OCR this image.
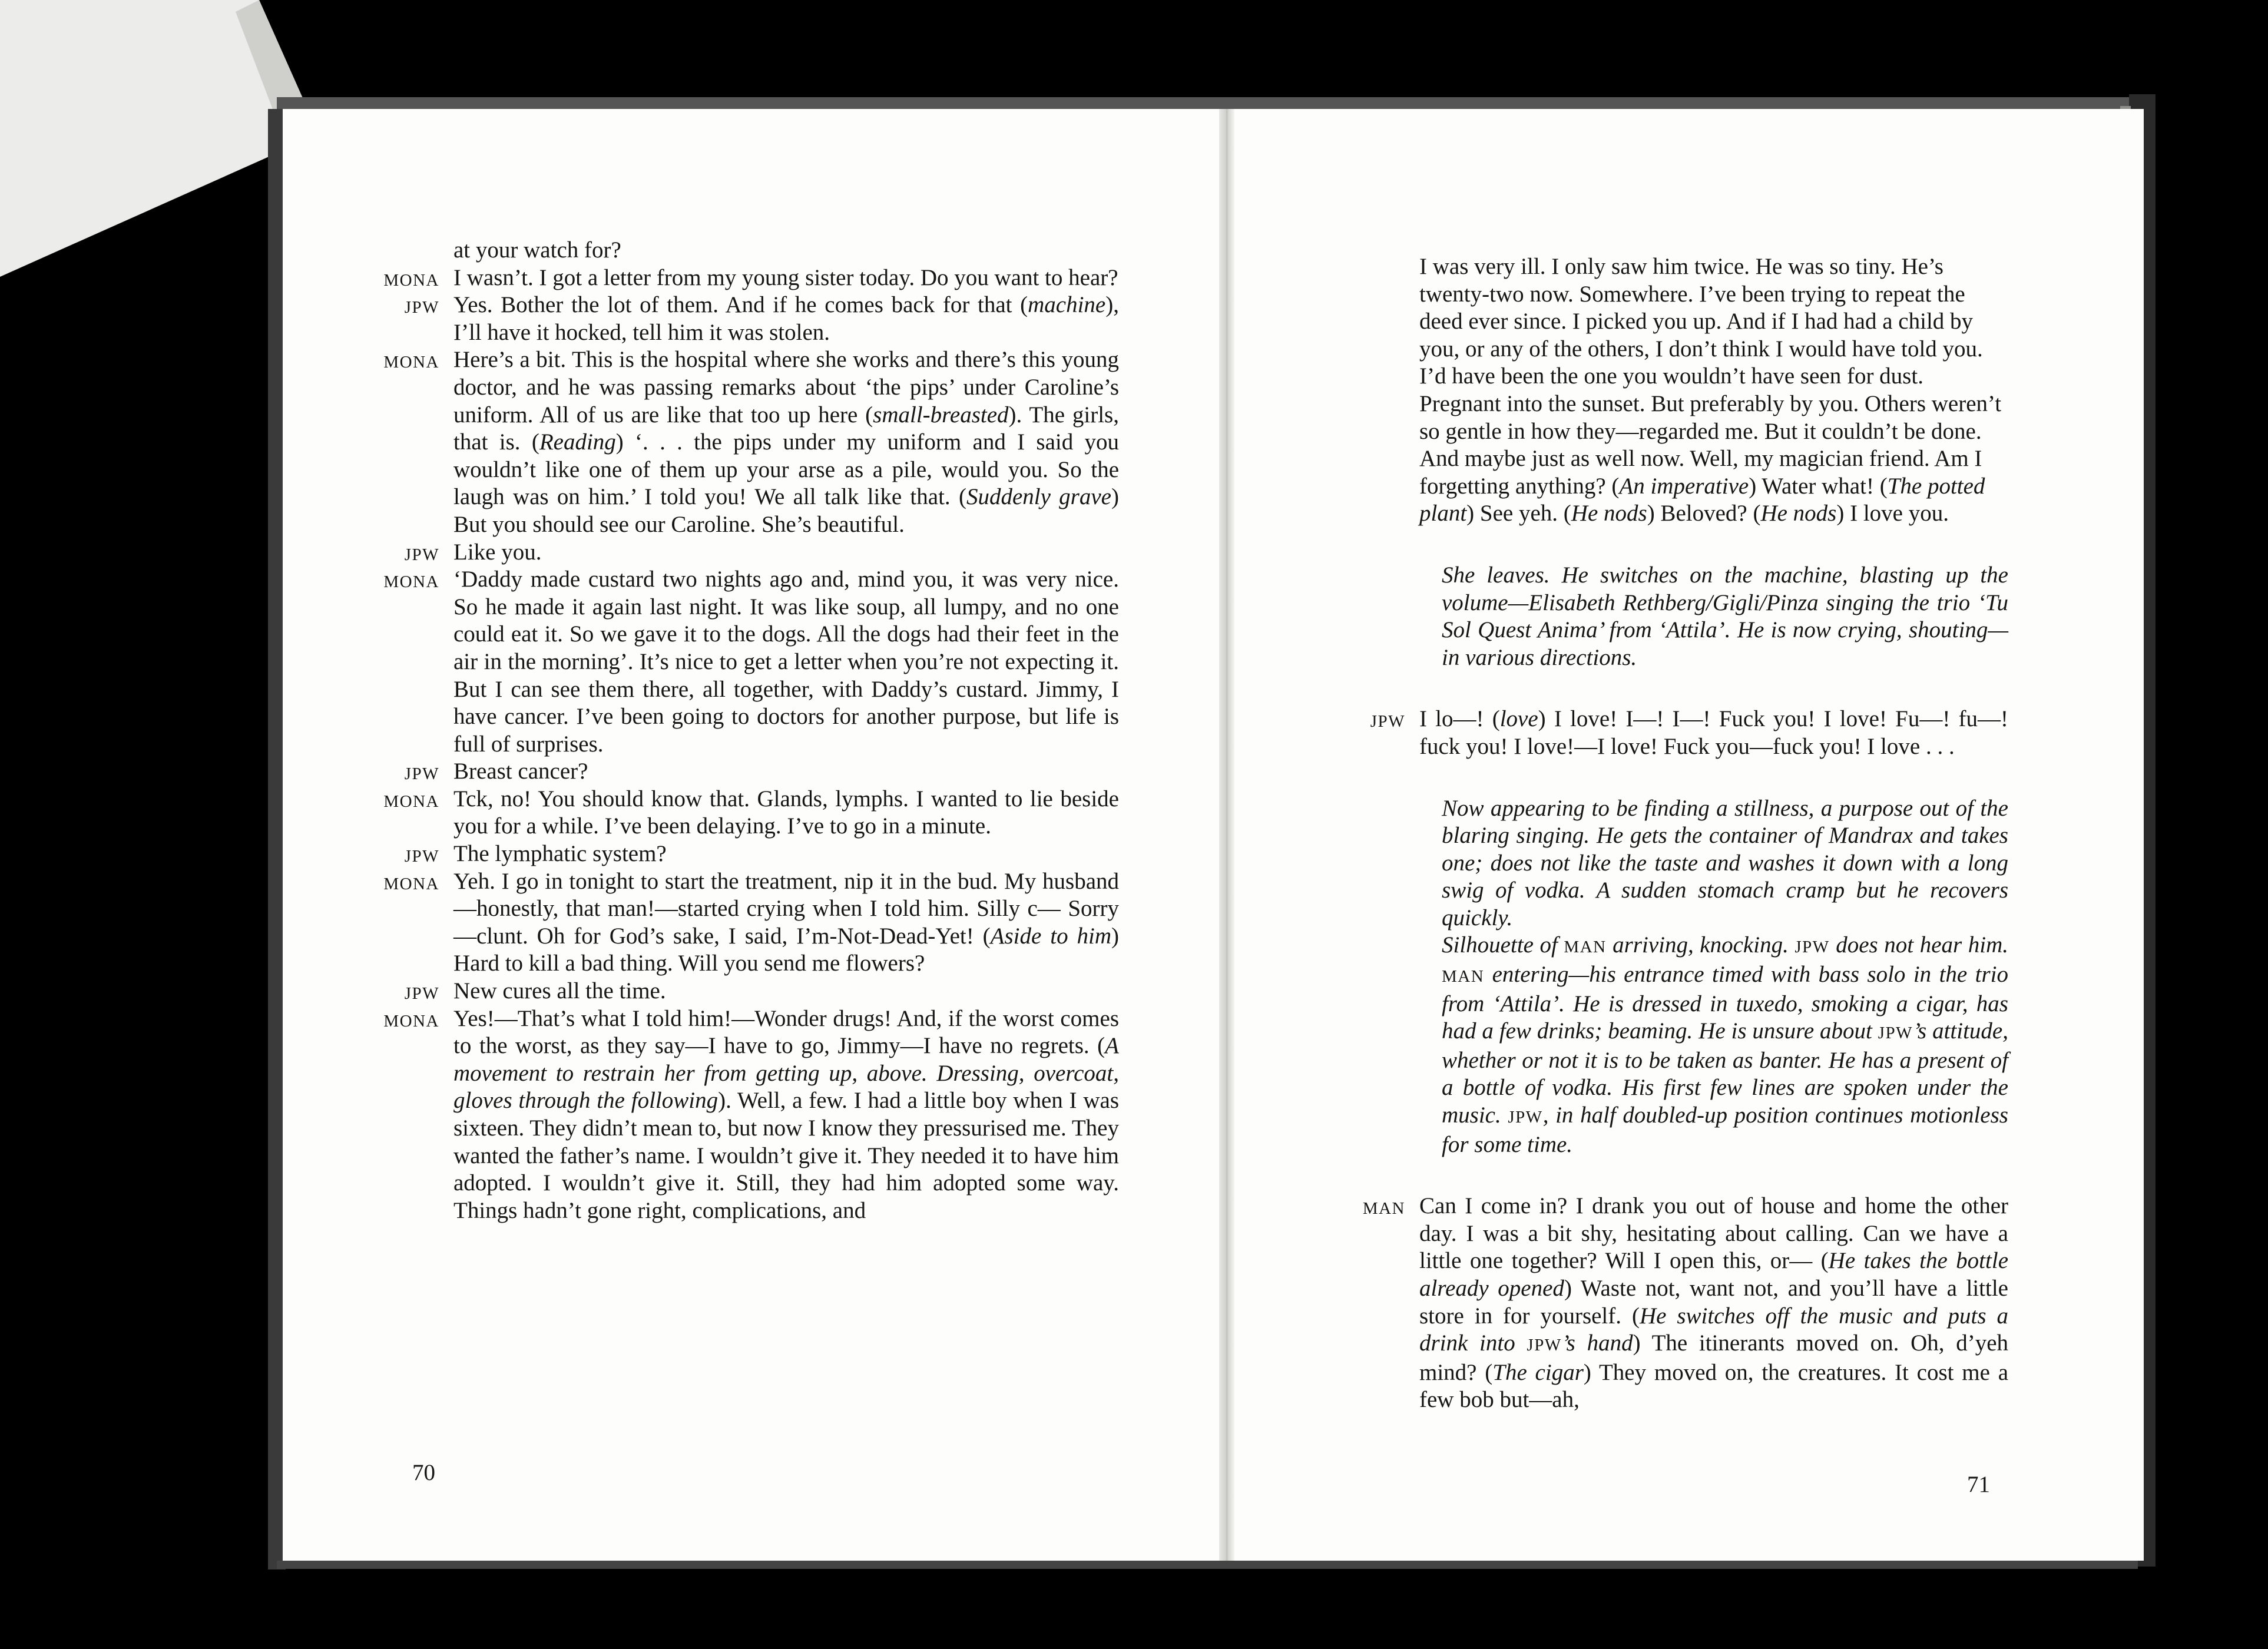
at your watch for?

MONA I wasn’t. I got a letter from my young sister today. Do you want to hear?

JPW Yes. Bother the lot of them. And if he comes back for that (machine), I’ll have it hocked, tell him it was stolen.

MONA Here’s a bit. This is the hospital where she works and there’s this young doctor, and he was passing remarks about ‘the pips’ under Caroline’s uniform. All of us are like that too up here (small-breasted). The girls, that is. (Reading) ‘. . . the pips under my uniform and I said you wouldn’t like one of them up your arse as a pile, would you. So the laugh was on him.’ I told you! We all talk like that. (Suddenly grave) But you should see our Caroline. She’s beautiful.

JPW Like you.

MONA ‘Daddy made custard two nights ago and, mind you, it was very nice. So he made it again last night. It was like soup, all lumpy, and no one could eat it. So we gave it to the dogs. All the dogs had their feet in the air in the morning’. It’s nice to get a letter when you’re not expecting it. But I can see them there, all together, with Daddy’s custard. Jimmy, I have cancer. I’ve been going to doctors for another purpose, but life is full of surprises.

JPW Breast cancer?

MONA Tck, no! You should know that. Glands, lymphs. I wanted to lie beside you for a while. I’ve been delaying. I’ve to go in a minute.

JPW The lymphatic system?

MONA Yeh. I go in tonight to start the treatment, nip it in the bud. My husband—honestly, that man!—started crying when I told him. Silly c— Sorry—clunt. Oh for God’s sake, I said, I’m-Not-Dead-Yet! (Aside to him) Hard to kill a bad thing. Will you send me flowers?

JPW New cures all the time.

MONA Yes!—That’s what I told him!—Wonder drugs! And, if the worst comes to the worst, as they say—I have to go, Jimmy—I have no regrets. (A movement to restrain her from getting up, above. Dressing, overcoat, gloves through the following). Well, a few. I had a little boy when I was sixteen. They didn’t mean to, but now I know they pressurised me. They wanted the father’s name. I wouldn’t give it. They needed it to have him adopted. I wouldn’t give it. Still, they had him adopted some way. Things hadn’t gone right, complications, and

70

I was very ill. I only saw him twice. He was so tiny. He’s twenty-two now. Somewhere. I’ve been trying to repeat the deed ever since. I picked you up. And if I had had a child by you, or any of the others, I don’t think I would have told you. I’d have been the one you wouldn’t have seen for dust. Pregnant into the sunset. But preferably by you. Others weren’t so gentle in how they—regarded me. But it couldn’t be done. And maybe just as well now. Well, my magician friend. Am I forgetting anything? (An imperative) Water what! (The potted plant) See yeh. (He nods) Beloved? (He nods) I love you.

She leaves. He switches on the machine, blasting up the volume—Elisabeth Rethberg/Gigli/Pinza singing the trio ‘Tu Sol Quest Anima’ from ‘Attila’. He is now crying, shouting—in various directions.

JPW I lo—! (love) I love! I—! I—! Fuck you! I love! Fu—! fu—! fuck you! I love!—I love! Fuck you—fuck you! I love . . .

Now appearing to be finding a stillness, a purpose out of the blaring singing. He gets the container of Mandrax and takes one; does not like the taste and washes it down with a long swig of vodka. A sudden stomach cramp but he recovers quickly.

Silhouette of MAN arriving, knocking. JPW does not hear him. MAN entering—his entrance timed with bass solo in the trio from ‘Attila’. He is dressed in tuxedo, smoking a cigar, has had a few drinks; beaming. He is unsure about JPW’s attitude, whether or not it is to be taken as banter. He has a present of a bottle of vodka. His first few lines are spoken under the music. JPW, in half doubled-up position continues motionless for some time.

MAN Can I come in? I drank you out of house and home the other day. I was a bit shy, hesitating about calling. Can we have a little one together? Will I open this, or— (He takes the bottle already opened) Waste not, want not, and you’ll have a little store in for yourself. (He switches off the music and puts a drink into JPW’s hand) The itinerants moved on. Oh, d’yeh mind? (The cigar) They moved on, the creatures. It cost me a few bob but—ah,

71
